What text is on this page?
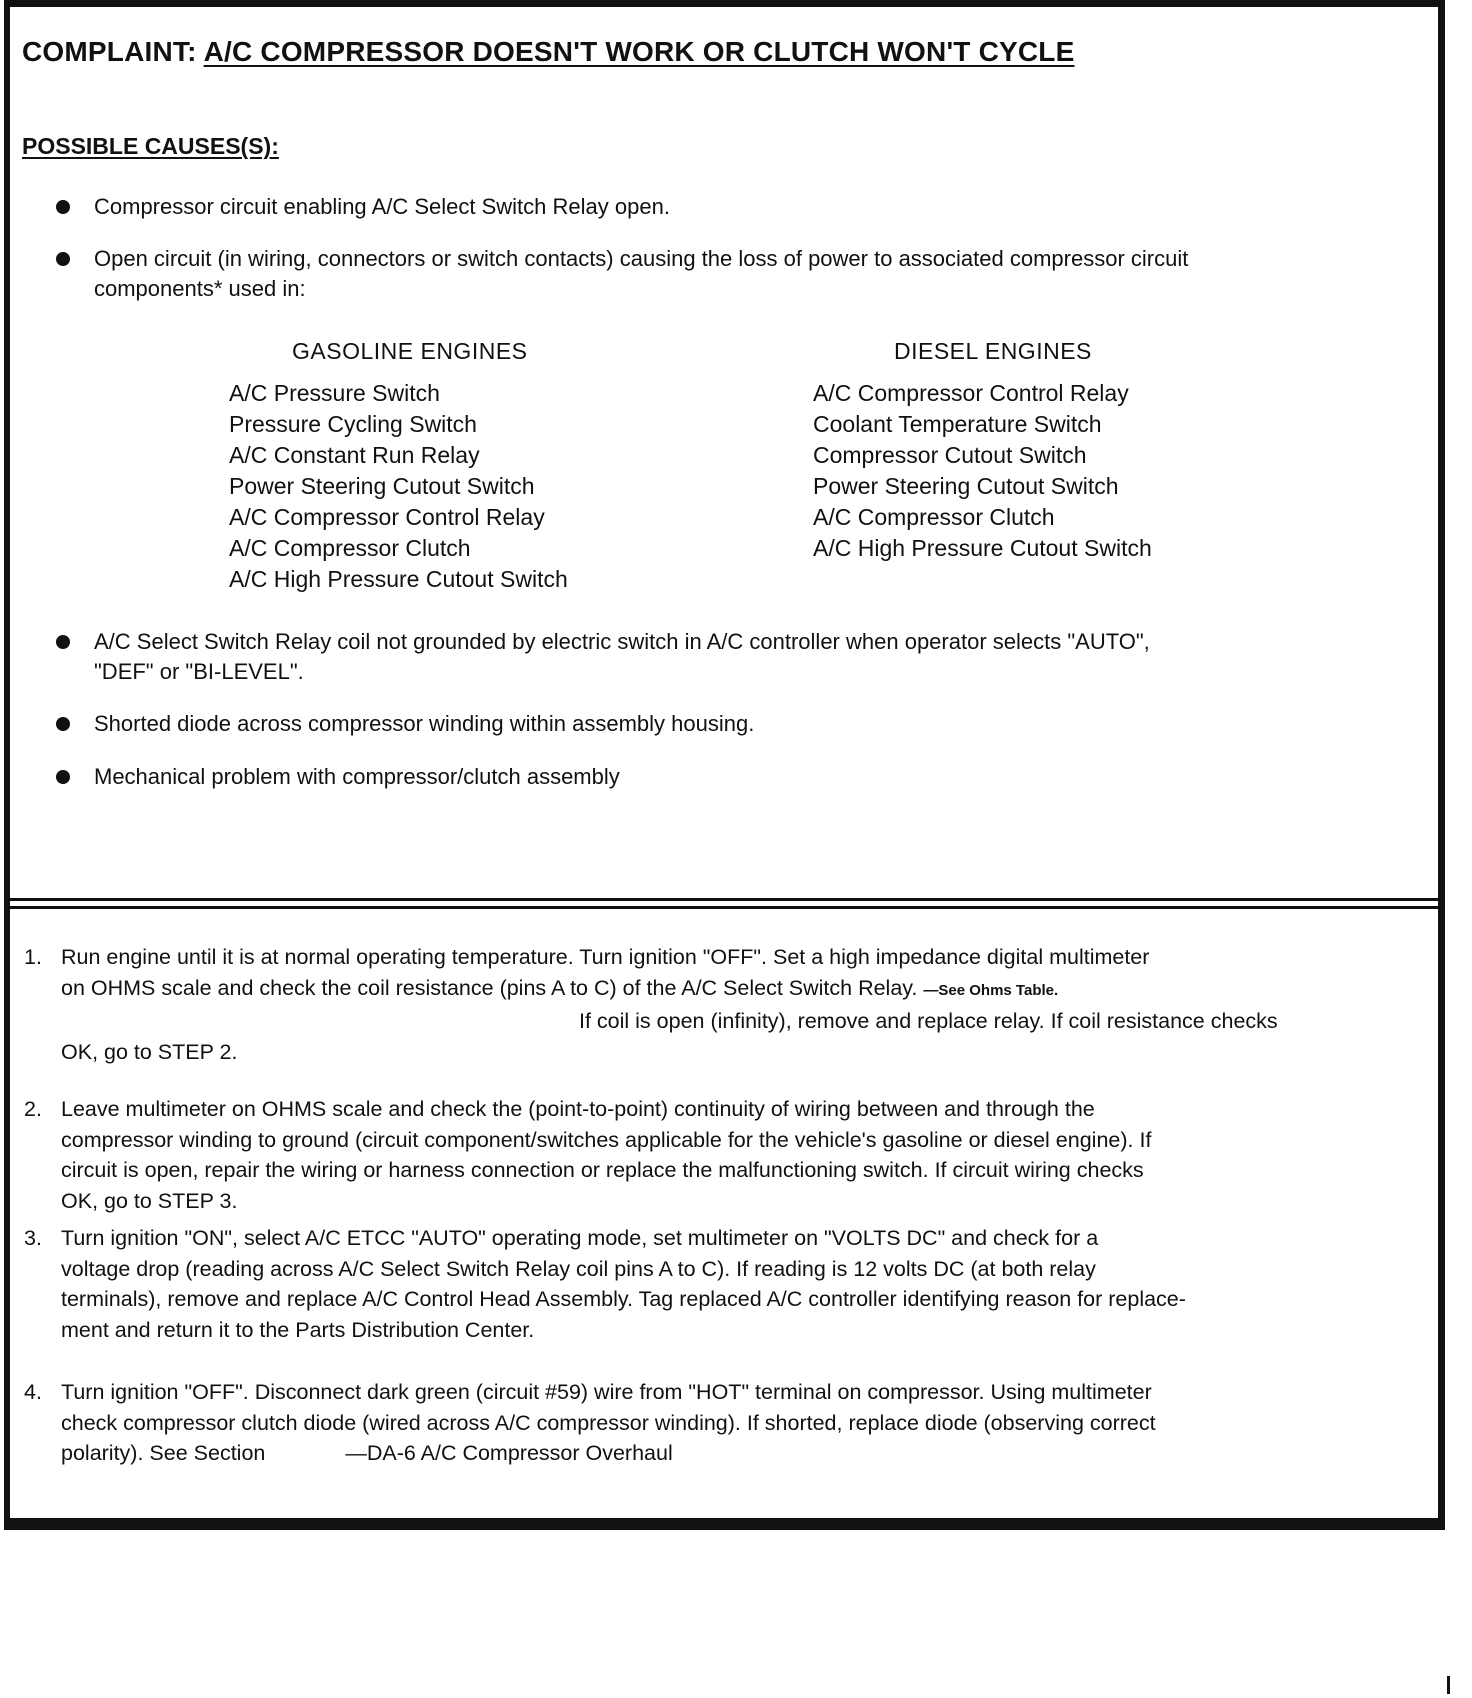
COMPLAINT: A/C COMPRESSOR DOESN'T WORK OR CLUTCH WON'T CYCLE
POSSIBLE CAUSES(S):
Compressor circuit enabling A/C Select Switch Relay open.
Open circuit (in wiring, connectors or switch contacts) causing the loss of power to associated compressor circuit
components* used in:
GASOLINE ENGINES	DIESEL ENGINES
A/C Pressure Switch
Pressure Cycling Switch
A/C Constant Run Relay
Power Steering Cutout Switch
A/C Compressor Control Relay
A/C Compressor Clutch
A/C High Pressure Cutout Switch
A/C Compressor Control Relay
Coolant Temperature Switch
Compressor Cutout Switch
Power Steering Cutout Switch
A/C Compressor Clutch
A/C High Pressure Cutout Switch
A/C Select Switch Relay coil not grounded by electric switch in A/C controller when operator selects "AUTO",
"DEF" or "BI-LEVEL".
Shorted diode across compressor winding within assembly housing.
Mechanical problem with compressor/clutch assembly
1. Run engine until it is at normal operating temperature. Turn ignition "OFF". Set a high impedance digital multimeter
on OHMS scale and check the coil resistance (pins A to C) of the A/C Select Switch Relay. —See Ohms Table.
If coil is open (infinity), remove and replace relay. If coil resistance checks
OK, go to STEP 2.
2. Leave multimeter on OHMS scale and check the (point-to-point) continuity of wiring between and through the
compressor winding to ground (circuit component/switches applicable for the vehicle's gasoline or diesel engine). If
circuit is open, repair the wiring or harness connection or replace the malfunctioning switch. If circuit wiring checks
OK, go to STEP 3.
3. Turn ignition "ON", select A/C ETCC "AUTO" operating mode, set multimeter on "VOLTS DC" and check for a
voltage drop (reading across A/C Select Switch Relay coil pins A to C). If reading is 12 volts DC (at both relay
terminals), remove and replace A/C Control Head Assembly. Tag replaced A/C controller identifying reason for replace-
ment and return it to the Parts Distribution Center.
4. Turn ignition "OFF". Disconnect dark green (circuit #59) wire from "HOT" terminal on compressor. Using multimeter
check compressor clutch diode (wired across A/C compressor winding). If shorted, replace diode (observing correct
polarity). See Section	—DA-6 A/C Compressor Overhaul
